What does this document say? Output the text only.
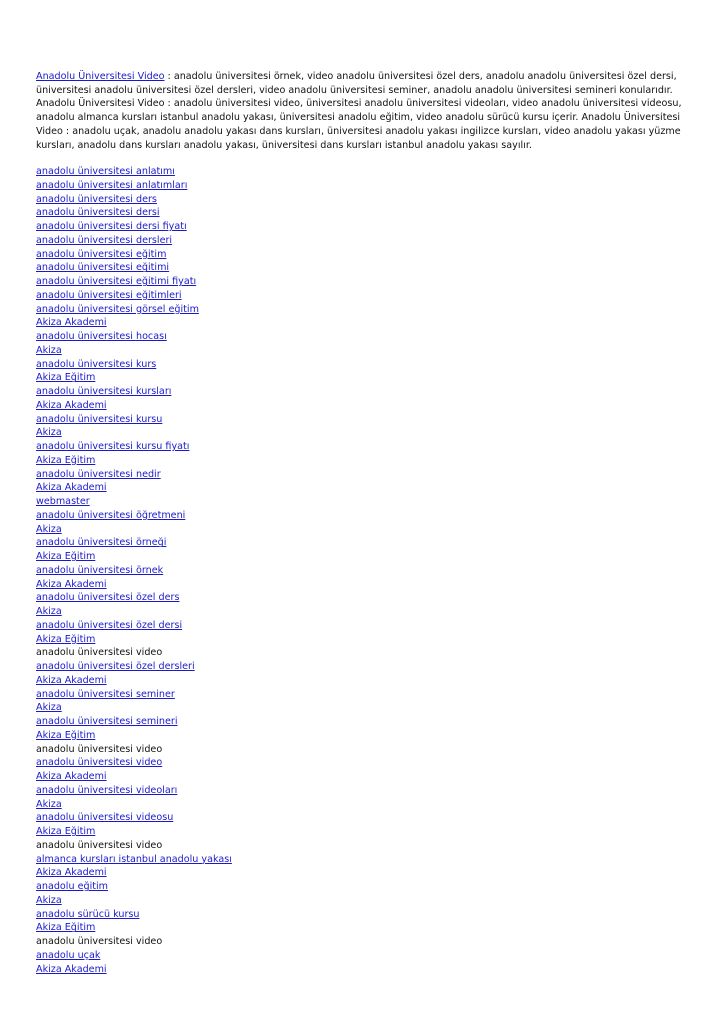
Anadolu Üniversitesi Video : anadolu üniversitesi örnek, video anadolu üniversitesi özel ders, anadolu anadolu üniversitesi özel dersi, üniversitesi anadolu üniversitesi özel dersleri, video anadolu üniversitesi seminer, anadolu anadolu üniversitesi semineri konularıdır. Anadolu Üniversitesi Video : anadolu üniversitesi video, üniversitesi anadolu üniversitesi videoları, video anadolu üniversitesi videosu, anadolu almanca kursları istanbul anadolu yakası, üniversitesi anadolu eğitim, video anadolu sürücü kursu içerir. Anadolu Üniversitesi Video : anadolu uçak, anadolu anadolu yakası dans kursları, üniversitesi anadolu yakası ingilizce kursları, video anadolu yakası yüzme kursları, anadolu dans kursları anadolu yakası, üniversitesi dans kursları istanbul anadolu yakası sayılır.

anadolu üniversitesi anlatımı
anadolu üniversitesi anlatımları
anadolu üniversitesi ders
anadolu üniversitesi dersi
anadolu üniversitesi dersi fiyatı
anadolu üniversitesi dersleri
anadolu üniversitesi eğitim
anadolu üniversitesi eğitimi
anadolu üniversitesi eğitimi fiyatı
anadolu üniversitesi eğitimleri
anadolu üniversitesi görsel eğitim
Akiza Akademi
anadolu üniversitesi hocası
Akiza
anadolu üniversitesi kurs
Akiza Eğitim
anadolu üniversitesi kursları
Akiza Akademi
anadolu üniversitesi kursu
Akiza
anadolu üniversitesi kursu fiyatı
Akiza Eğitim
anadolu üniversitesi nedir
Akiza Akademi
webmaster
anadolu üniversitesi öğretmeni
Akiza
anadolu üniversitesi örneği
Akiza Eğitim
anadolu üniversitesi örnek
Akiza Akademi
anadolu üniversitesi özel ders
Akiza
anadolu üniversitesi özel dersi
Akiza Eğitim
anadolu üniversitesi video
anadolu üniversitesi özel dersleri
Akiza Akademi
anadolu üniversitesi seminer
Akiza
anadolu üniversitesi semineri
Akiza Eğitim
anadolu üniversitesi video
anadolu üniversitesi video
Akiza Akademi
anadolu üniversitesi videoları
Akiza
anadolu üniversitesi videosu
Akiza Eğitim
anadolu üniversitesi video
almanca kursları istanbul anadolu yakası
Akiza Akademi
anadolu eğitim
Akiza
anadolu sürücü kursu
Akiza Eğitim
anadolu üniversitesi video
anadolu uçak
Akiza Akademi
